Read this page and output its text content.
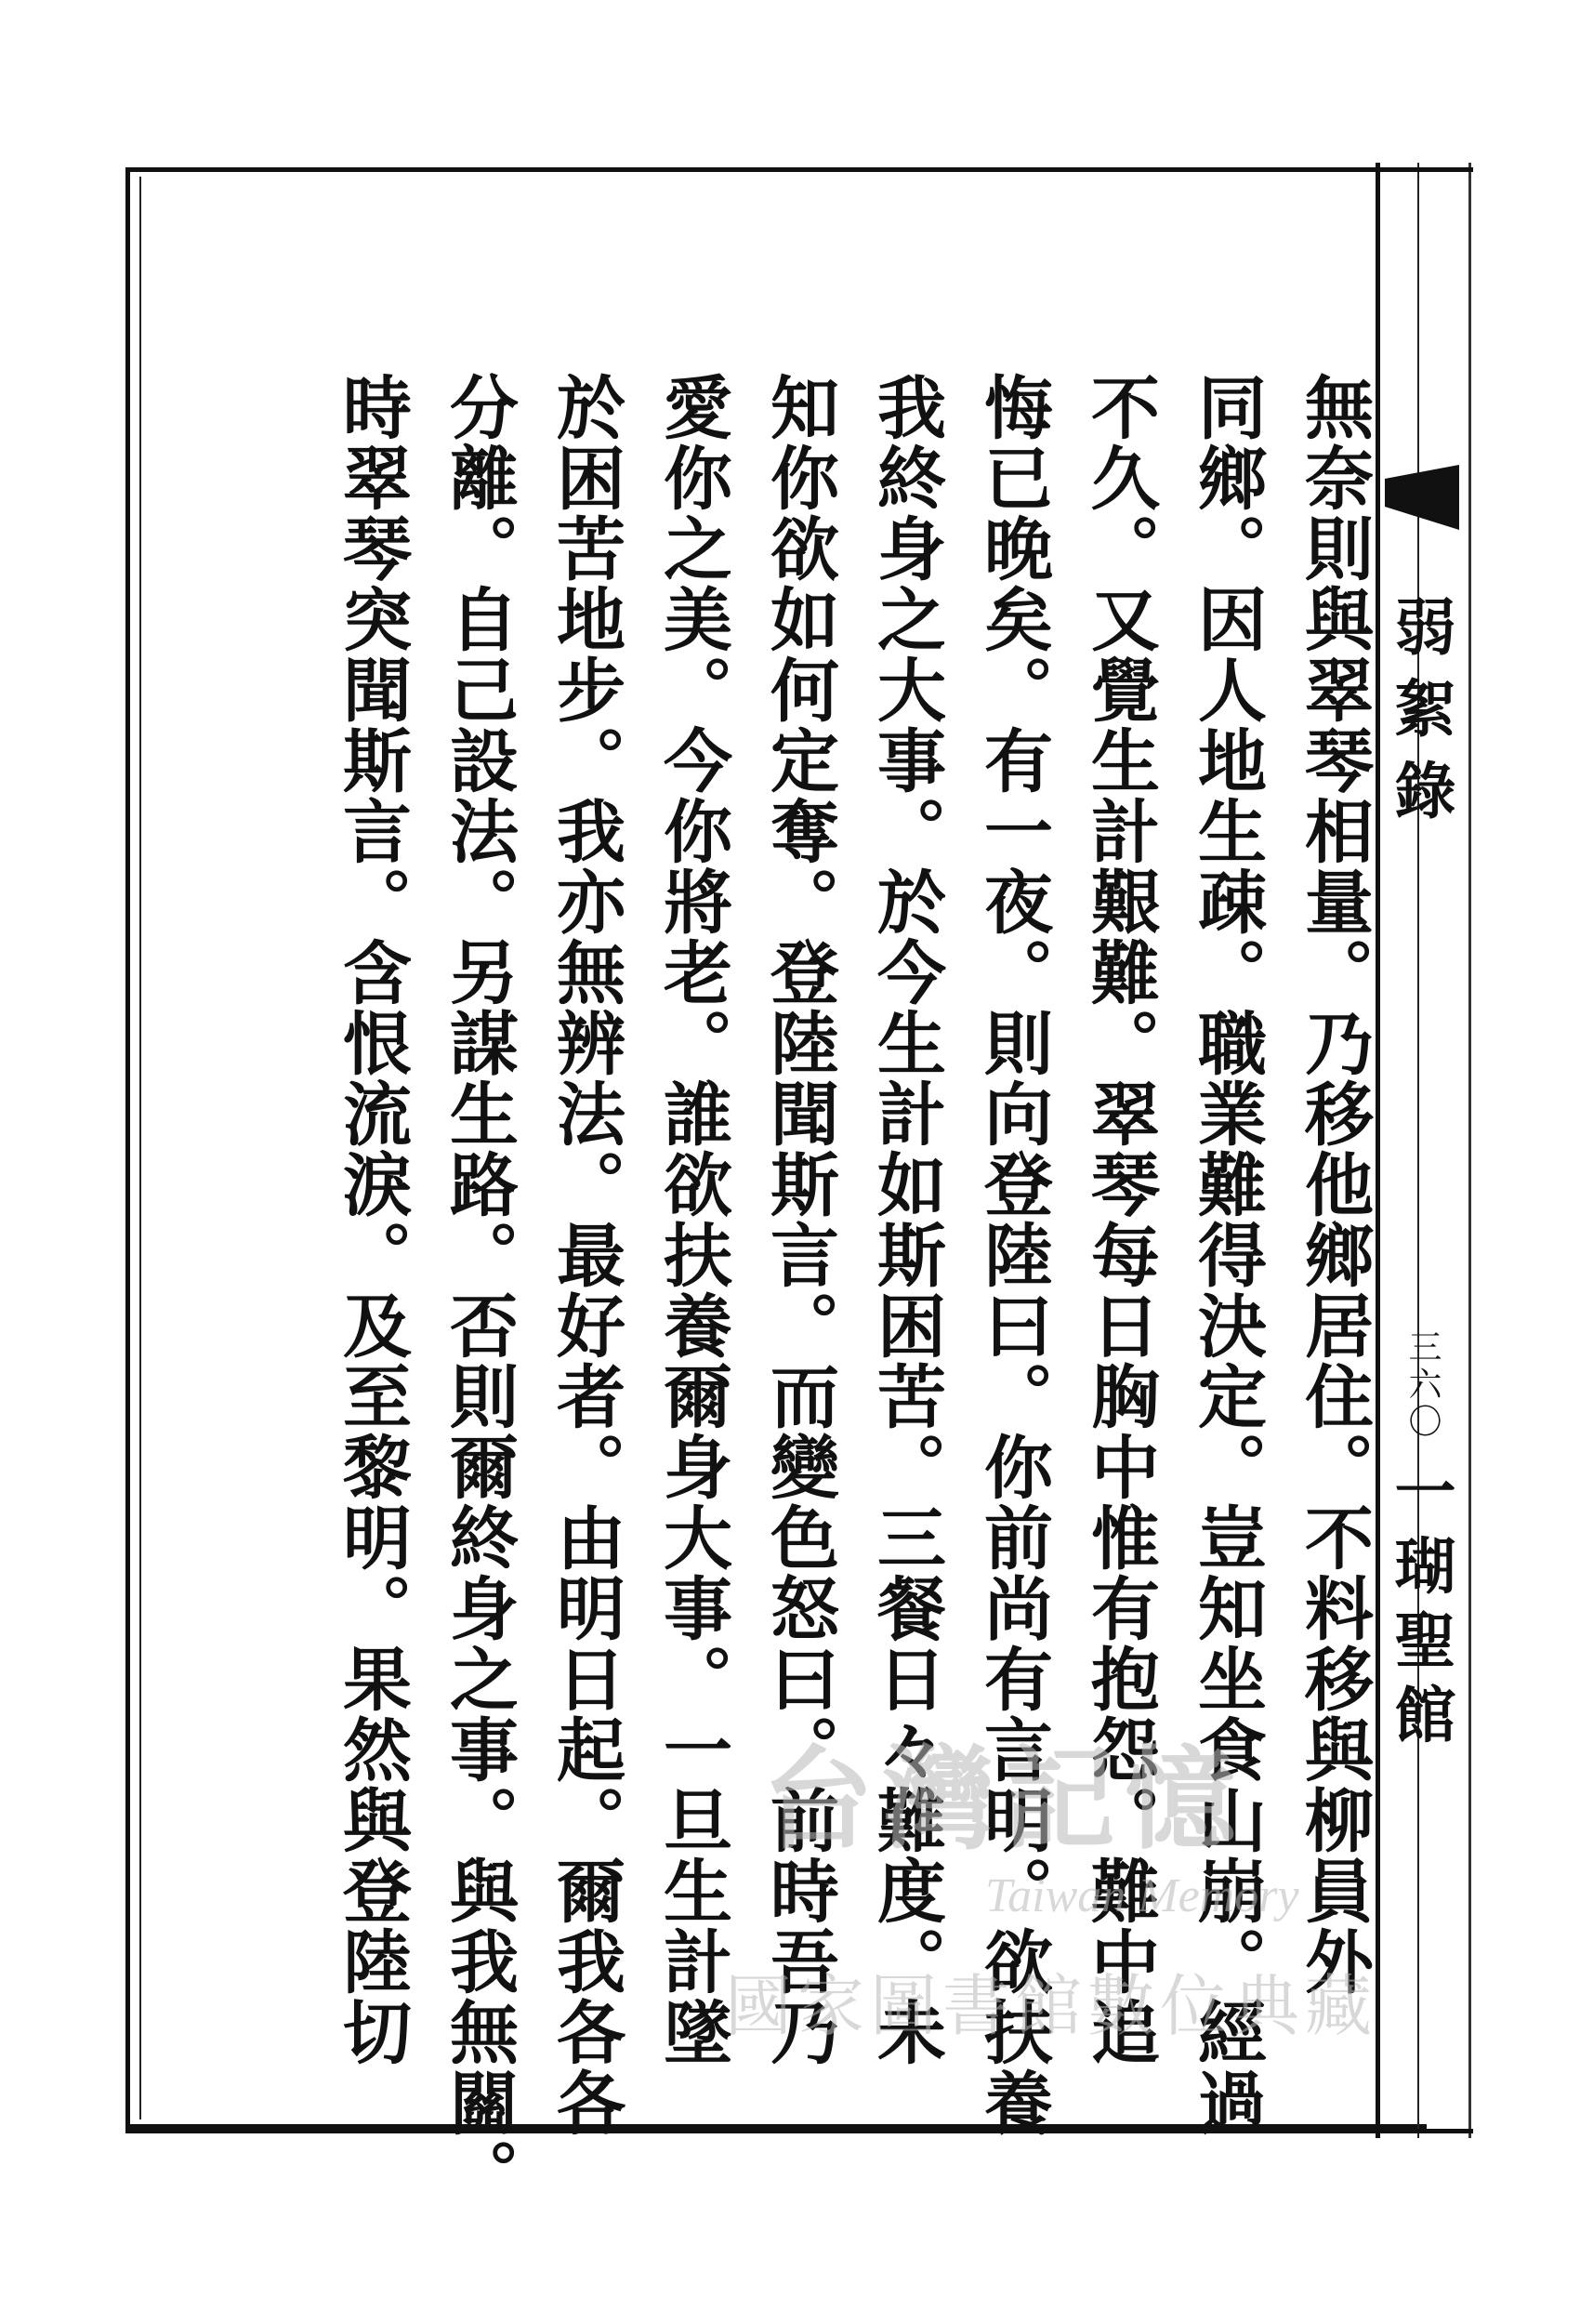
弱絮錄
三六〇
一瑚聖館
無奈則與翠琴相量。乃移他鄉居住。不料移與柳員外
同鄉。因人地生疎。職業難得決定。豈知坐食山崩。經過
不久。又覺生計艱難。翠琴每日胸中惟有抱怨。難中追
悔已晚矣。有一夜。則向登陸曰。你前尚有言明。欲扶養
我終身之大事。於今生計如斯困苦。三餐日々難度。未
知你欲如何定奪。登陸聞斯言。而變色怒曰。前時吾乃
愛你之美。今你將老。誰欲扶養爾身大事。一旦生計墜
於困苦地步。我亦無辨法。最好者。由明日起。爾我各各
分離。自己設法。另謀生路。否則爾終身之事。與我無關。
時翠琴突聞斯言。含恨流淚。及至黎明。果然與登陸切	台灣記憶
Taiwan Memory
國家圖書館數位典藏
